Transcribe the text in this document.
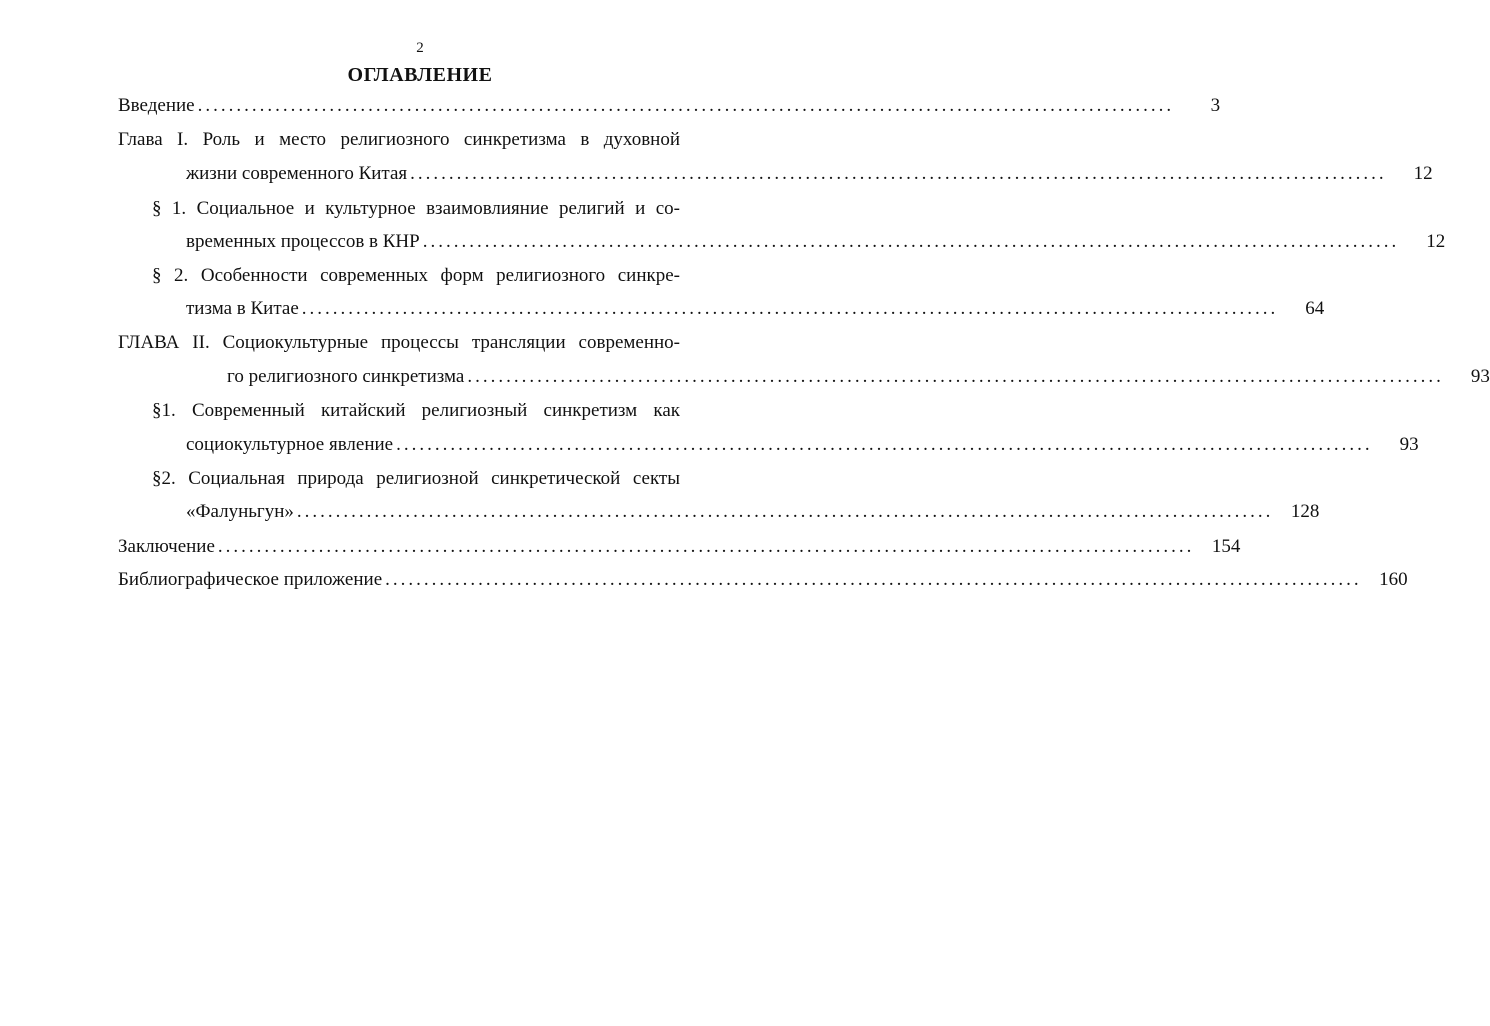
2
ОГЛАВЛЕНИЕ
Введение ..............................................................................................................................	3
Глава I. Роль и место религиозного синкретизма в духовной
жизни современного Китая ..............................................................................................................................	12
§ 1. Социальное и культурное взаимовлияние религий и со-
временных процессов в КНР ..............................................................................................................................	12
§ 2. Особенности современных форм религиозного синкре-
тизма в Китае ..............................................................................................................................	64
ГЛАВА II. Социокультурные процессы трансляции современно-
го религиозного синкретизма ..............................................................................................................................	93
§1. Современный китайский религиозный синкретизм как
социокультурное явление ..............................................................................................................................	93
§2. Социальная природа религиозной синкретической секты
«Фалуньгун» .............................................................................................................................. 128
Заключение .............................................................................................................................. 154
Библиографическое приложение .............................................................................................................................. 160
